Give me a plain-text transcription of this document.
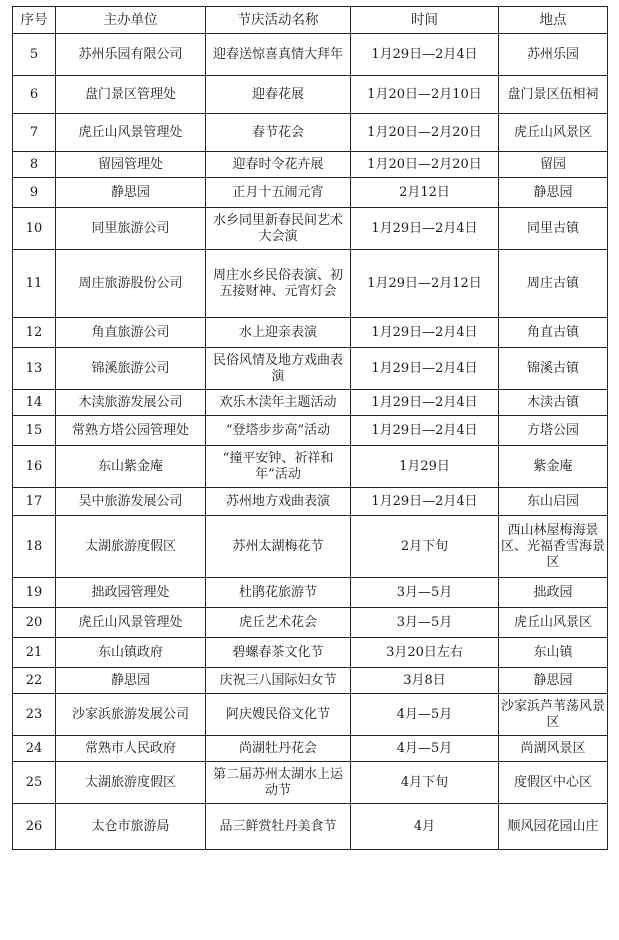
序号	主办单位	节庆活动名称	时间	地点
5	苏州乐园有限公司	迎春送惊喜真情大拜年	1月29日—2月4日	苏州乐园
6	盘门景区管理处	迎春花展	1月20日—2月10日	盘门景区伍相祠
7	虎丘山风景管理处	春节花会	1月20日—2月20日	虎丘山风景区
8	留园管理处	迎春时令花卉展	1月20日—2月20日	留园
9	静思园	正月十五闹元宵	2月12日	静思园
10	同里旅游公司	水乡同里新春民间艺术大会演	1月29日—2月4日	同里古镇
11	周庄旅游股份公司	周庄水乡民俗表演、初五接财神、元宵灯会	1月29日—2月12日	周庄古镇
12	角直旅游公司	水上迎亲表演	1月29日—2月4日	角直古镇
13	锦溪旅游公司	民俗风情及地方戏曲表演	1月29日—2月4日	锦溪古镇
14	木渎旅游发展公司	欢乐木渎年主题活动	1月29日—2月4日	木渎古镇
15	常熟方塔公园管理处	“登塔步步高”活动	1月29日—2月4日	方塔公园
16	东山紫金庵	“撞平安钟、祈祥和年”活动	1月29日	紫金庵
17	吴中旅游发展公司	苏州地方戏曲表演	1月29日—2月4日	东山启园
18	太湖旅游度假区	苏州太湖梅花节	2月下旬	西山林屋梅海景区、光福香雪海景区
19	拙政园管理处	杜鹃花旅游节	3月—5月	拙政园
20	虎丘山风景管理处	虎丘艺术花会	3月—5月	虎丘山风景区
21	东山镇政府	碧螺春茶文化节	3月20日左右	东山镇
22	静思园	庆祝三八国际妇女节	3月8日	静思园
23	沙家浜旅游发展公司	阿庆嫂民俗文化节	4月—5月	沙家浜芦苇荡风景区
24	常熟市人民政府	尚湖牡丹花会	4月—5月	尚湖风景区
25	太湖旅游度假区	第二届苏州太湖水上运动节	4月下旬	度假区中心区
26	太仓市旅游局	品三鲜赏牡丹美食节	4月	顺风园花园山庄
